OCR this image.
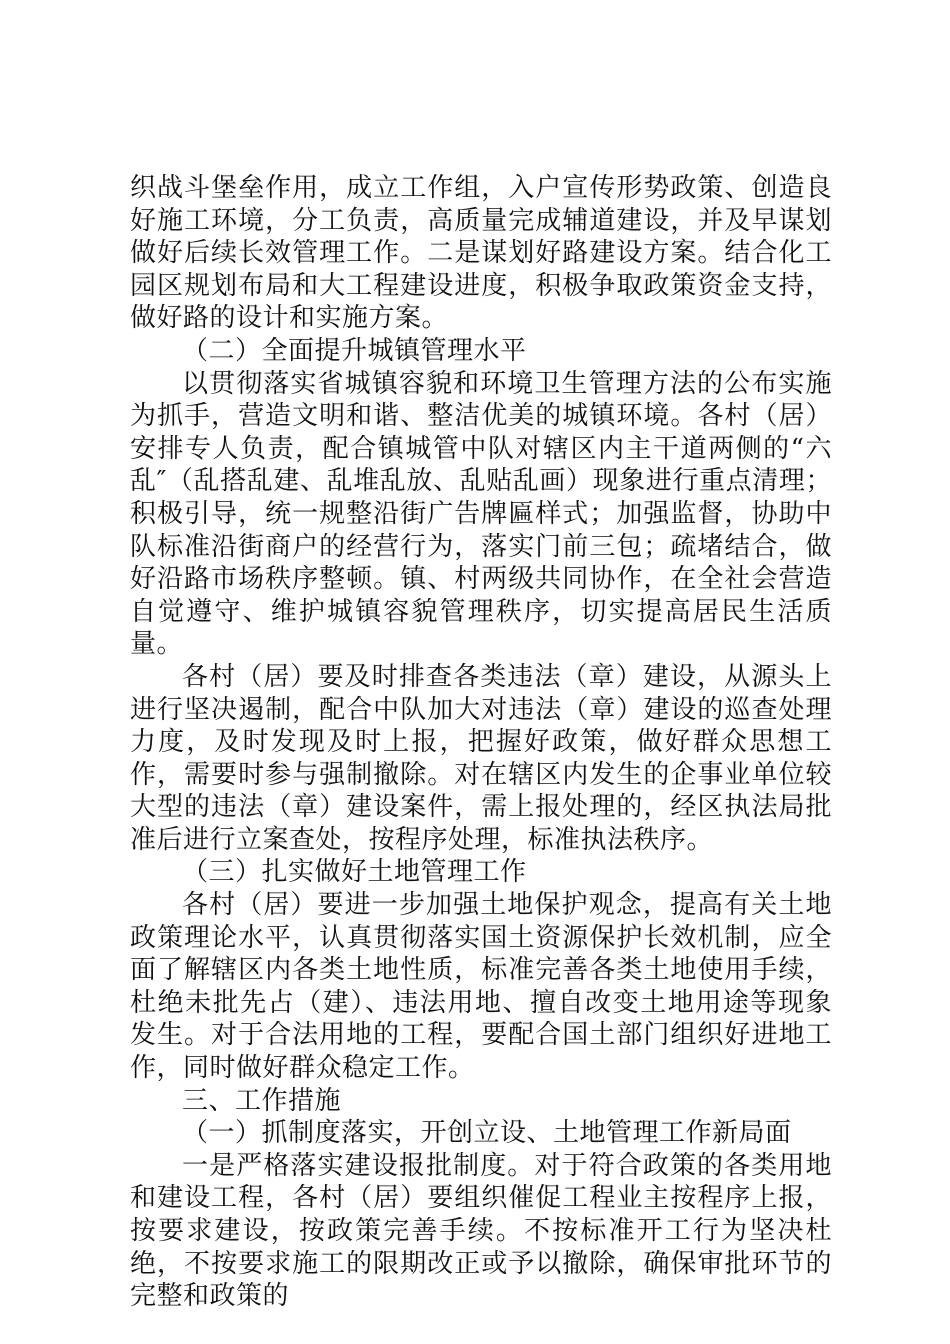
织战斗堡垒作用，成立工作组，入户宣传形势政策、创造良好施工环境，分工负责，高质量完成辅道建设，并及早谋划做好后续长效管理工作。二是谋划好路建设方案。结合化工园区规划布局和大工程建设进度，积极争取政策资金支持，做好路的设计和实施方案。

（二）全面提升城镇管理水平

以贯彻落实省城镇容貌和环境卫生管理方法的公布实施为抓手，营造文明和谐、整洁优美的城镇环境。各村（居）安排专人负责，配合镇城管中队对辖区内主干道两侧的“六乱″（乱搭乱建、乱堆乱放、乱贴乱画）现象进行重点清理；积极引导，统一规整沿街广告牌匾样式；加强监督，协助中队标准沿街商户的经营行为，落实门前三包；疏堵结合，做好沿路市场秩序整顿。镇、村两级共同协作，在全社会营造自觉遵守、维护城镇容貌管理秩序，切实提高居民生活质量。

各村（居）要及时排查各类违法（章）建设，从源头上进行坚决遏制，配合中队加大对违法（章）建设的巡查处理力度，及时发现及时上报，把握好政策，做好群众思想工作，需要时参与强制撤除。对在辖区内发生的企事业单位较大型的违法（章）建设案件，需上报处理的，经区执法局批准后进行立案查处，按程序处理，标准执法秩序。

（三）扎实做好土地管理工作

各村（居）要进一步加强土地保护观念，提高有关土地政策理论水平，认真贯彻落实国土资源保护长效机制，应全面了解辖区内各类土地性质，标准完善各类土地使用手续，杜绝未批先占（建）、违法用地、擅自改变土地用途等现象发生。对于合法用地的工程，要配合国土部门组织好进地工作，同时做好群众稳定工作。

三、工作措施

（一）抓制度落实，开创立设、土地管理工作新局面

一是严格落实建设报批制度。对于符合政策的各类用地和建设工程，各村（居）要组织催促工程业主按程序上报，按要求建设，按政策完善手续。不按标准开工行为坚决杜绝，不按要求施工的限期改正或予以撤除，确保审批环节的完整和政策的
